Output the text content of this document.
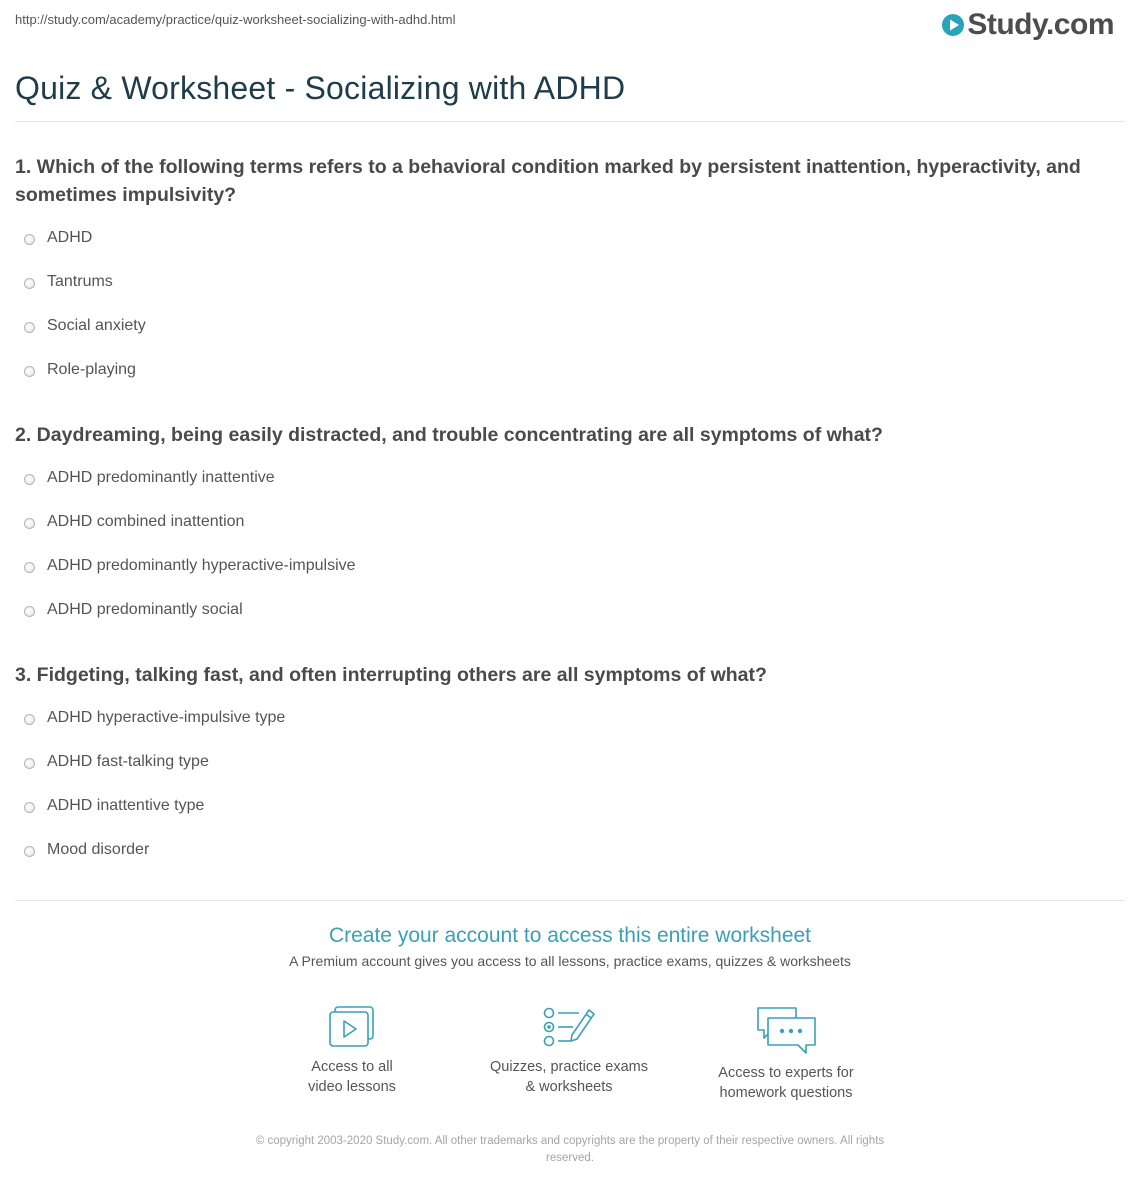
http://study.com/academy/practice/quiz-worksheet-socializing-with-adhd.html	Study.com
Quiz & Worksheet - Socializing with ADHD

1. Which of the following terms refers to a behavioral condition marked by persistent inattention, hyperactivity, and sometimes impulsivity?

ADHD
Tantrums
Social anxiety
Role-playing

2. Daydreaming, being easily distracted, and trouble concentrating are all symptoms of what?

ADHD predominantly inattentive
ADHD combined inattention
ADHD predominantly hyperactive-impulsive
ADHD predominantly social

3. Fidgeting, talking fast, and often interrupting others are all symptoms of what?

ADHD hyperactive-impulsive type
ADHD fast-talking type
ADHD inattentive type
Mood disorder

Create your account to access this entire worksheet

A Premium account gives you access to all lessons, practice exams, quizzes & worksheets

Access to all
video lessons
Quizzes, practice exams
& worksheets
Access to experts for
homework questions
© copyright 2003-2020 Study.com. All other trademarks and copyrights are the property of their respective owners. All rights
reserved.
